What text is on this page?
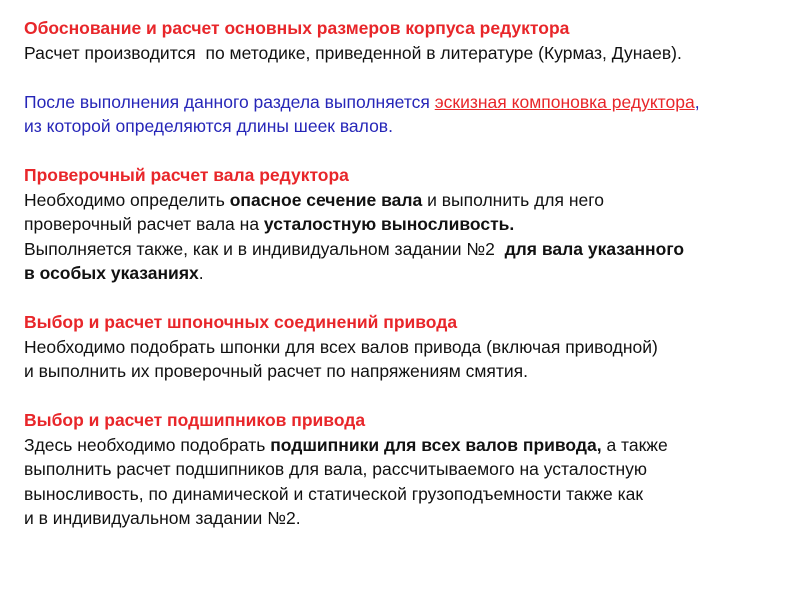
Обоснование и расчет основных размеров корпуса редуктора
Расчет производится  по методике, приведенной в литературе (Курмаз, Дунаев).
После выполнения данного раздела выполняется эскизная компоновка редуктора,
из которой определяются длины шеек валов.
Проверочный расчет вала редуктора
Необходимо определить опасное сечение вала и выполнить для него
проверочный расчет вала на усталостную выносливость.
Выполняется также, как и в индивидуальном задании №2  для вала указанного
в особых указаниях.
Выбор и расчет шпоночных соединений привода
Необходимо подобрать шпонки для всех валов привода (включая приводной)
и выполнить их проверочный расчет по напряжениям смятия.
Выбор и расчет подшипников привода
Здесь необходимо подобрать подшипники для всех валов привода, а также
выполнить расчет подшипников для вала, рассчитываемого на усталостную
выносливость, по динамической и статической грузоподъемности также как
и в индивидуальном задании №2.
